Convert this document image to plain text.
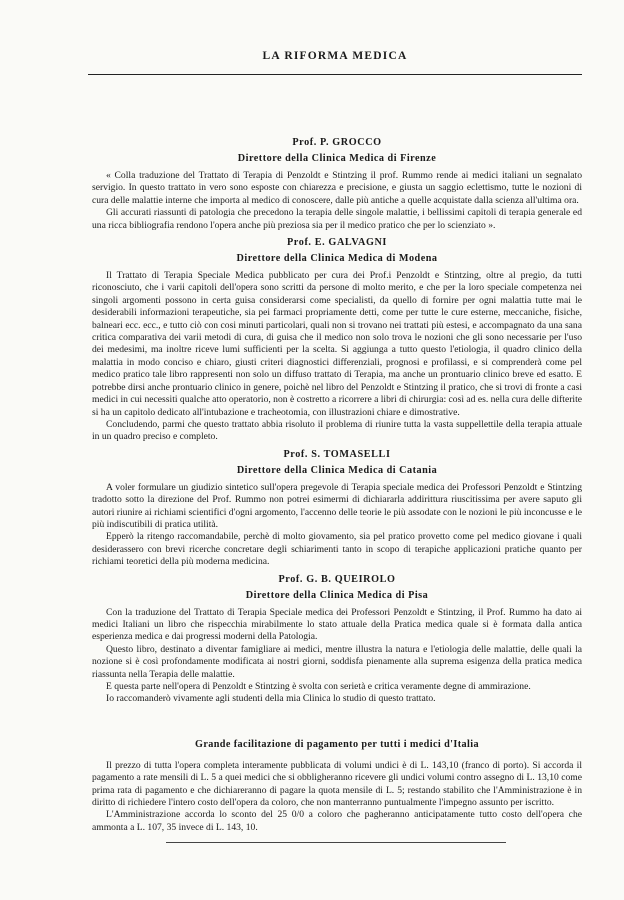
LA RIFORMA MEDICA

Prof. P. GROCCO

Direttore della Clinica Medica di Firenze

« Colla traduzione del Trattato di Terapia di Penzoldt e Stintzing il prof. Rummo rende ai medici italiani un segnalato servigio. In questo trattato in vero sono esposte con chiarezza e precisione, e giusta un saggio eclettismo, tutte le nozioni di cura delle malattie interne che importa al medico di conoscere, dalle più antiche a quelle acquistate dalla scienza all'ultima ora.

Gli accurati riassunti di patologia che precedono la terapia delle singole malattie, i bellissimi capitoli di terapia generale ed una ricca bibliografia rendono l'opera anche più preziosa sia per il medico pratico che per lo scienziato ».

Prof. E. GALVAGNI

Direttore della Clinica Medica di Modena

Il Trattato di Terapia Speciale Medica pubblicato per cura dei Prof.i Penzoldt e Stintzing, oltre al pregio, da tutti riconosciuto, che i varii capitoli dell'opera sono scritti da persone di molto merito, e che per la loro speciale competenza nei singoli argomenti possono in certa guisa considerarsi come specialisti, da quello di fornire per ogni malattia tutte mai le desiderabili informazioni terapeutiche, sia pei farmaci propriamente detti, come per tutte le cure esterne, meccaniche, fisiche, balneari ecc. ecc., e tutto ciò con cosi minuti particolari, quali non si trovano nei trattati più estesi, e accompagnato da una sana critica comparativa dei varii metodi di cura, di guisa che il medico non solo trova le nozioni che gli sono necessarie per l'uso dei medesimi, ma inoltre riceve lumi sufficienti per la scelta. Si aggiunga a tutto questo l'etiologia, il quadro clinico della malattia in modo conciso e chiaro, giusti criteri diagnostici differenziali, prognosi e profilassi, e si comprenderà come pel medico pratico tale libro rappresenti non solo un diffuso trattato di Terapia, ma anche un prontuario clinico breve ed esatto. E potrebbe dirsi anche prontuario clinico in genere, poichè nel libro del Penzoldt e Stintzing il pratico, che si trovi di fronte a casi medici in cui necessiti qualche atto operatorio, non è costretto a ricorrere a libri di chirurgia: così ad es. nella cura delle difterite si ha un capitolo dedicato all'intubazione e tracheotomia, con illustrazioni chiare e dimostrative.

Concludendo, parmi che questo trattato abbia risoluto il problema di riunire tutta la vasta suppellettile della terapia attuale in un quadro preciso e completo.

Prof. S. TOMASELLI

Direttore della Clinica Medica di Catania

A voler formulare un giudizio sintetico sull'opera pregevole di Terapia speciale medica dei Professori Penzoldt e Stintzing tradotto sotto la direzione del Prof. Rummo non potrei esimermi di dichiararla addirittura riuscitissima per avere saputo gli autori riunire ai richiami scientifici d'ogni argomento, l'accenno delle teorie le più assodate con le nozioni le più inconcusse e le più indiscutibili di pratica utilità.

Epperò la ritengo raccomandabile, perchè di molto giovamento, sia pel pratico provetto come pel medico giovane i quali desiderassero con brevi ricerche concretare degli schiarimenti tanto in scopo di terapiche applicazioni pratiche quanto per richiami teoretici della più moderna medicina.

Prof. G. B. QUEIROLO

Direttore della Clinica Medica di Pisa

Con la traduzione del Trattato di Terapia Speciale medica dei Professori Penzoldt e Stintzing, il Prof. Rummo ha dato ai medici Italiani un libro che rispecchia mirabilmente lo stato attuale della Pratica medica quale si è formata dalla antica esperienza medica e dai progressi moderni della Patologia.

Questo libro, destinato a diventar famigliare ai medici, mentre illustra la natura e l'etiologia delle malattie, delle quali la nozione si è così profondamente modificata ai nostri giorni, soddisfa pienamente alla suprema esigenza della pratica medica riassunta nella Terapia delle malattie.

E questa parte nell'opera di Penzoldt e Stintzing è svolta con serietà e critica veramente degne di ammirazione.

Io raccomanderò vivamente agli studenti della mia Clinica lo studio di questo trattato.

Grande facilitazione di pagamento per tutti i medici d'Italia

Il prezzo di tutta l'opera completa interamente pubblicata di volumi undici è di L. 143,10 (franco di porto). Si accorda il pagamento a rate mensili di L. 5 a quei medici che si obbligheranno ricevere gli undici volumi contro assegno di L. 13,10 come prima rata di pagamento e che dichiareranno di pagare la quota mensile di L. 5; restando stabilito che l'Amministrazione è in diritto di richiedere l'intero costo dell'opera da coloro, che non manterranno puntualmente l'impegno assunto per iscritto.

L'Amministrazione accorda lo sconto del 25 0/0 a coloro che pagheranno anticipatamente tutto costo dell'opera che ammonta a L. 107, 35 invece di L. 143, 10.
